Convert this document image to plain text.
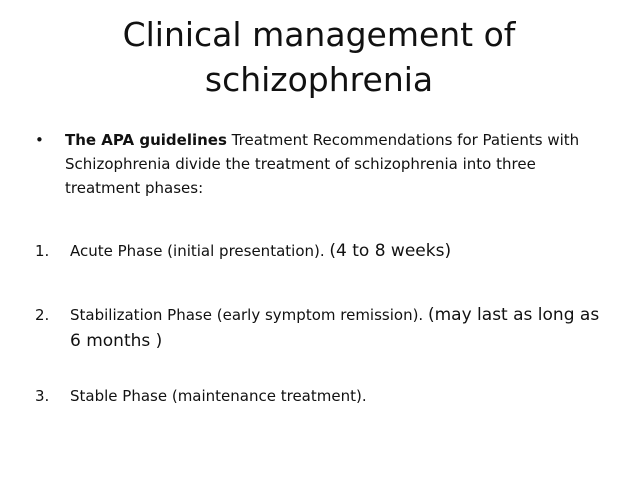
Clinical management of
schizophrenia
• The APA guidelines Treatment Recommendations for Patients with Schizophrenia divide the treatment of schizophrenia into three treatment phases:
1. Acute Phase (initial presentation). (4 to 8 weeks)
2. Stabilization Phase (early symptom remission). (may last as long as 6 months )
3. Stable Phase (maintenance treatment).
